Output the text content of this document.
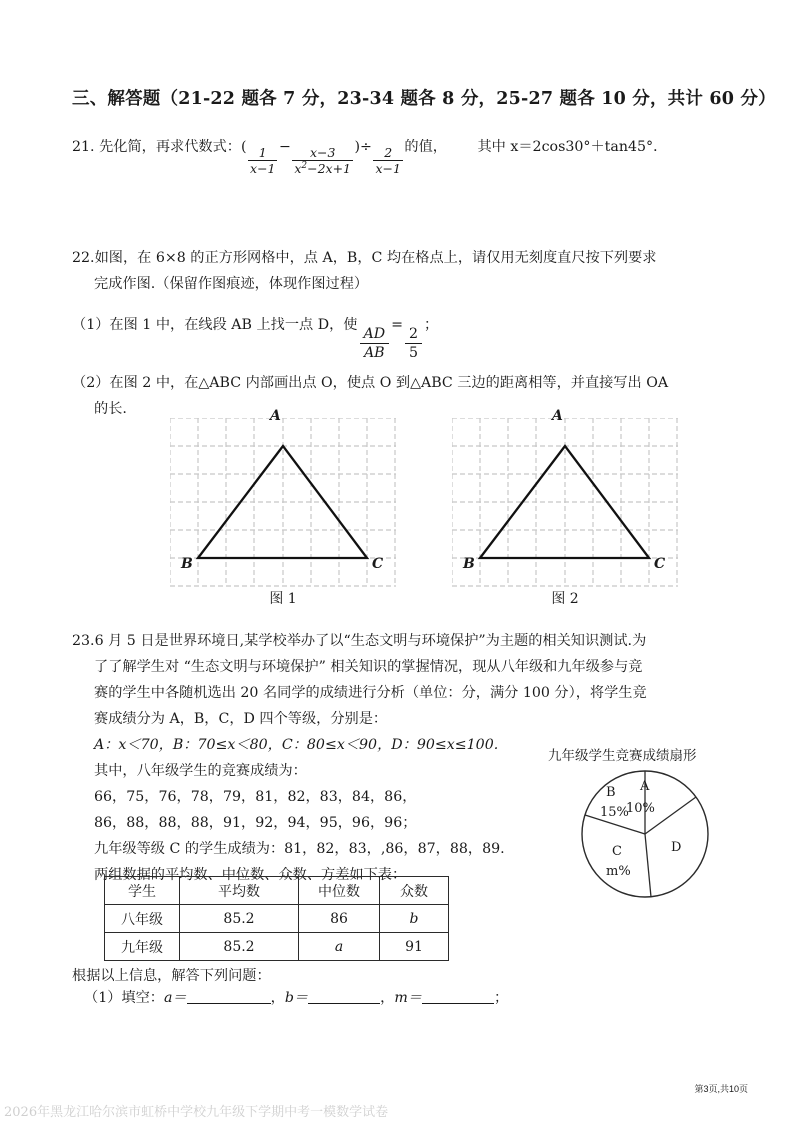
三、解答题（21-22 题各 7 分，23-34 题各 8 分，25-27 题各 10 分，共计 60 分）
21. 先化简，再求代数式：( $\frac{1}{x-1} - \frac{x-3}{x^2-2x+1}$ )÷ $\frac{2}{x-1}$ 的值， 其中 x＝2cos30°＋tan45°．
22.如图，在 6×8 的正方形网格中，点 A，B，C 均在格点上，请仅用无刻度直尺按下列要求
完成作图.（保留作图痕迹，体现作图过程）
（1）在图 1 中，在线段 AB 上找一点 D，使
$\frac{AD}{AB}$
=
$\frac{2}{5}$
；
（2）在图 2 中，在△ABC 内部画出点 O，使点 O 到△ABC 三边的距离相等，并直接写出 OA
的长.	A
B	C
图 1
A
B	C
图 2
23.6 月 5 日是世界环境日,某学校举办了以“生态文明与环境保护”为主题的相关知识测试.为
了了解学生对 “生态文明与环境保护” 相关知识的掌握情况，现从八年级和九年级参与竞
赛的学生中各随机选出 20 名同学的成绩进行分析（单位：分，满分 100 分），将学生竞
赛成绩分为 A，B，C，D 四个等级，分别是：
A：x＜70，B：70≤x＜80，C：80≤x＜90，D：90≤x≤100.
其中，八年级学生的竞赛成绩为：
66，75，76，78，79，81，82，83，84，86，
86，88，88，88，91，92，94，95，96，96；
九年级等级 C 的学生成绩为：81，82，83，,86，87，88，89.
两组数据的平均数、中位数、众数、方差如下表：
学生	平均数	中位数	众数
八年级	85.2	86	b
九年级	85.2	a	91
九年级学生竞赛成绩扇形
A
10%
B
15%
C
m%
D
根据以上信息，解答下列问题：
（1）填空：a＝	，b＝	，m＝	；
第3页,共10页
2026年黑龙江哈尔滨市虹桥中学校九年级下学期中考一模数学试卷
